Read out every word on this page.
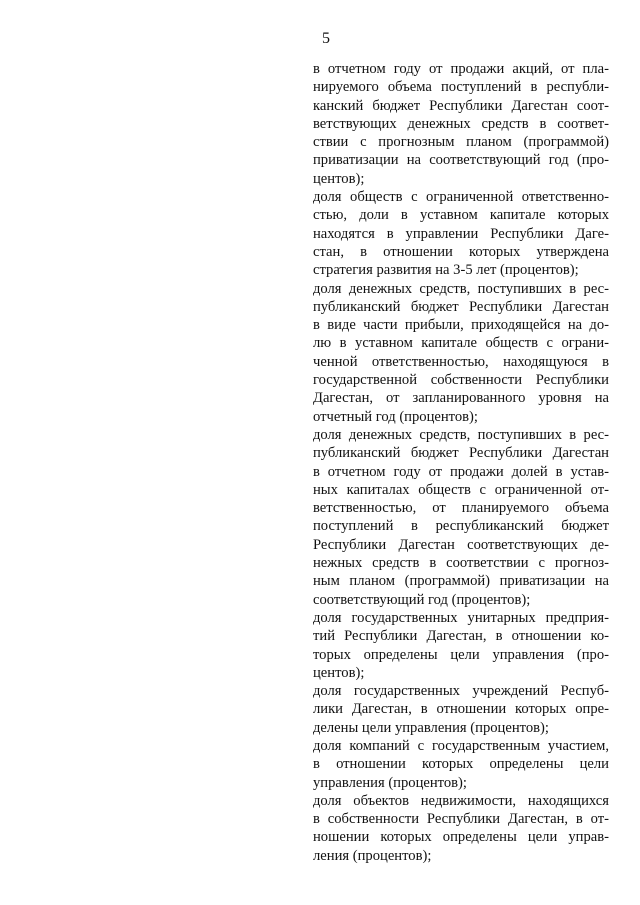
5
в отчетном году от продажи акций, от пла-
нируемого объема поступлений в республи-
канский бюджет Республики Дагестан соот-
ветствующих денежных средств в соответ-
ствии с прогнозным планом (программой)
приватизации на соответствующий год (про-
центов);
доля обществ с ограниченной ответственно-
стью, доли в уставном капитале которых
находятся в управлении Республики Даге-
стан, в отношении которых утверждена
стратегия развития на 3-5 лет (процентов);
доля денежных средств, поступивших в рес-
публиканский бюджет Республики Дагестан
в виде части прибыли, приходящейся на до-
лю в уставном капитале обществ с ограни-
ченной ответственностью, находящуюся в
государственной собственности Республики
Дагестан, от запланированного уровня на
отчетный год (процентов);
доля денежных средств, поступивших в рес-
публиканский бюджет Республики Дагестан
в отчетном году от продажи долей в устав-
ных капиталах обществ с ограниченной от-
ветственностью, от планируемого объема
поступлений в республиканский бюджет
Республики Дагестан соответствующих де-
нежных средств в соответствии с прогноз-
ным планом (программой) приватизации на
соответствующий год (процентов);
доля государственных унитарных предприя-
тий Республики Дагестан, в отношении ко-
торых определены цели управления (про-
центов);
доля государственных учреждений Респуб-
лики Дагестан, в отношении которых опре-
делены цели управления (процентов);
доля компаний с государственным участием,
в отношении которых определены цели
управления (процентов);
доля объектов недвижимости, находящихся
в собственности Республики Дагестан, в от-
ношении которых определены цели управ-
ления (процентов);
